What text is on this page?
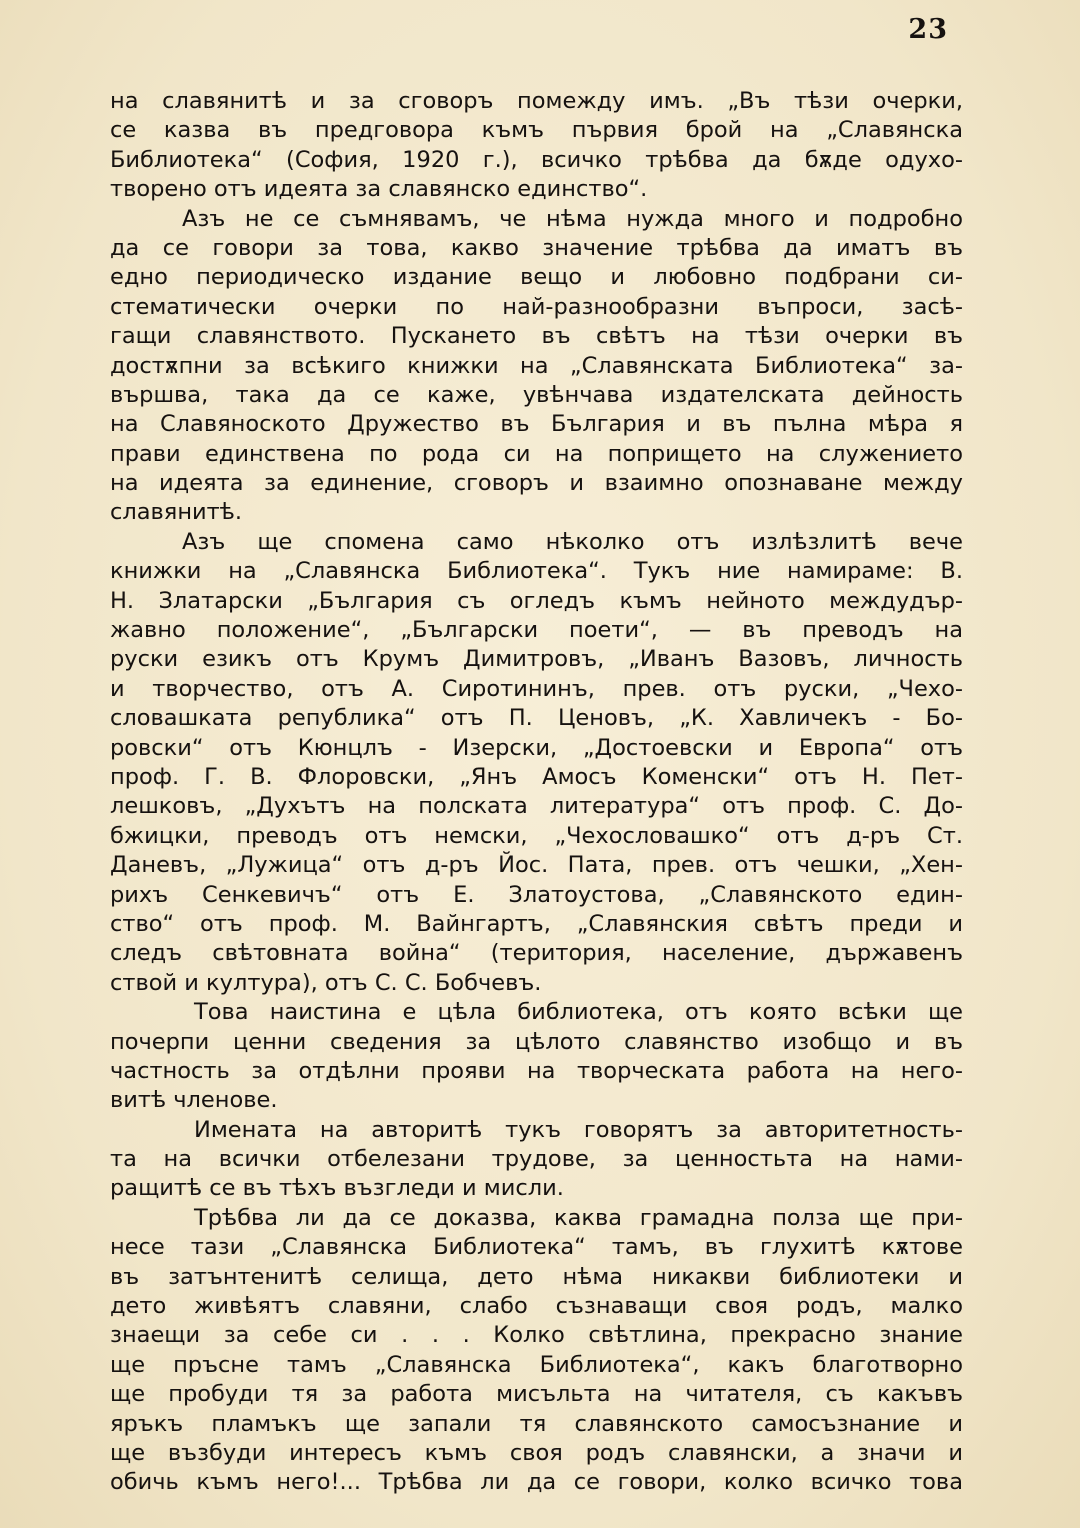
23
на славянитѣ и за сговоръ помежду имъ. „Въ тѣзи очерки,
се казва въ предговора къмъ първия брой на „Славянска
Библиотека“ (София, 1920 г.), всичко трѣбва да бѫде одухо-
творено отъ идеята за славянско единство“.
Азъ не се съмнявамъ, че нѣма нужда много и подробно
да се говори за това, какво значение трѣбва да иматъ въ
едно периодическо издание вещо и любовно подбрани си-
стематически очерки по най-разнообразни въпроси, засѣ-
гащи славянството. Пускането въ свѣтъ на тѣзи очерки въ
достѫпни за всѣкиго книжки на „Славянската Библиотека“ за-
вършва, така да се каже, увѣнчава издателската дейность
на Славяноското Дружество въ България и въ пълна мѣра я
прави единствена по рода си на попрището на служението
на идеята за единение, сговоръ и взаимно опознаване между
славянитѣ.
Азъ ще спомена само нѣколко отъ излѣзлитѣ вече
книжки на „Славянска Библиотека“. Тукъ ние намираме: В.
Н. Златарски „България съ огледъ къмъ нейното междудър-
жавно положение“, „Български поети“, — въ преводъ на
руски езикъ отъ Крумъ Димитровъ, „Иванъ Вазовъ, личность
и творчество, отъ А. Сиротининъ, прев. отъ руски, „Чехо-
словашката република“ отъ П. Ценовъ, „К. Хавличекъ - Бо-
ровски“ отъ Кюнцлъ - Изерски, „Достоевски и Европа“ отъ
проф. Г. В. Флоровски, „Янъ Амосъ Коменски“ отъ Н. Пет-
лешковъ, „Духътъ на полската литература“ отъ проф. С. До-
бжицки, преводъ отъ немски, „Чехословашко“ отъ д-ръ Ст.
Даневъ, „Лужица“ отъ д-ръ Йос. Пата, прев. отъ чешки, „Хен-
рихъ Сенкевичъ“ отъ Е. Златоустова, „Славянското един-
ство“ отъ проф. М. Вайнгартъ, „Славянския свѣтъ преди и
следъ свѣтовната война“ (територия, население, държавенъ
ствой и култура), отъ С. С. Бобчевъ.
Това наистина е цѣла библиотека, отъ която всѣки ще
почерпи ценни сведения за цѣлото славянство изобщо и въ
частность за отдѣлни прояви на творческата работа на него-
витѣ членове.
Имената на авторитѣ тукъ говорятъ за авторитетность-
та на всички отбелезани трудове, за ценностьта на нами-
ращитѣ се въ тѣхъ възгледи и мисли.
Трѣбва ли да се доказва, каква грамадна полза ще при-
несе тази „Славянска Библиотека“ тамъ, въ глухитѣ кѫтове
въ затънтенитѣ селища, дето нѣма никакви библиотеки и
дето живѣятъ славяни, слабо съзнаващи своя родъ, малко
знаещи за себе си . . . Колко свѣтлина, прекрасно знание
ще пръсне тамъ „Славянска Библиотека“, какъ благотворно
ще пробуди тя за работа мисъльта на читателя, съ какъвъ
яръкъ пламъкъ ще запали тя славянското самосъзнание и
ще възбуди интересъ къмъ своя родъ славянски, а значи и
обичь къмъ него!... Трѣбва ли да се говори, колко всичко това
